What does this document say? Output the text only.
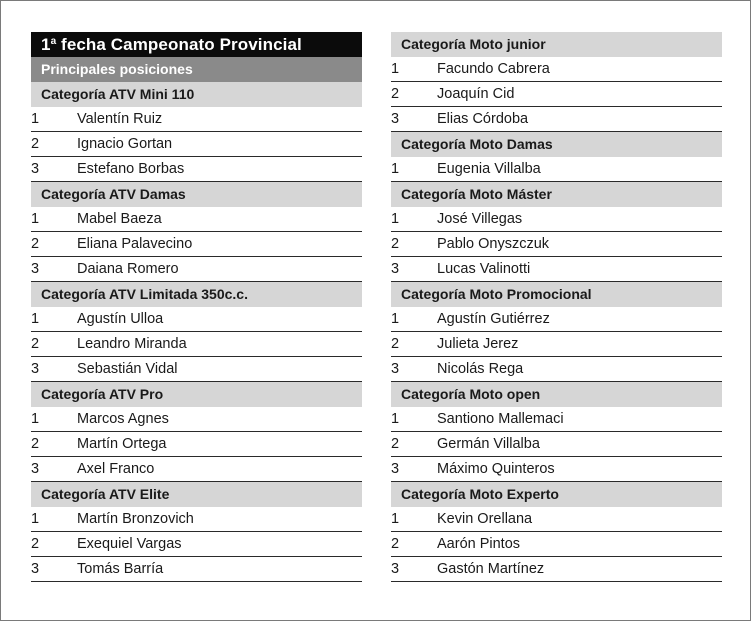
1$^a$ fecha Campeonato Provincial
Principales posiciones
Categoría ATV Mini 110
1	Valentín Ruiz
2	Ignacio Gortan
3	Estefano Borbas
Categoría ATV Damas
1	Mabel Baeza
2	Eliana Palavecino
3	Daiana Romero
Categoría ATV Limitada 350c.c.
1	Agustín Ulloa
2	Leandro Miranda
3	Sebastián Vidal
Categoría ATV Pro
1	Marcos Agnes
2	Martín Ortega
3	Axel Franco
Categoría ATV Elite
1	Martín Bronzovich
2	Exequiel Vargas
3	Tomás Barría
Categoría Moto junior
1	Facundo Cabrera
2	Joaquín Cid
3	Elias Córdoba
Categoría Moto Damas
1	Eugenia Villalba
Categoría Moto Máster
1	José Villegas
2	Pablo Onyszczuk
3	Lucas Valinotti
Categoría Moto Promocional
1	Agustín Gutiérrez
2	Julieta Jerez
3	Nicolás Rega
Categoría Moto open
1	Santiono Mallemaci
2	Germán Villalba
3	Máximo Quinteros
Categoría Moto Experto
1	Kevin Orellana
2	Aarón Pintos
3	Gastón Martínez
